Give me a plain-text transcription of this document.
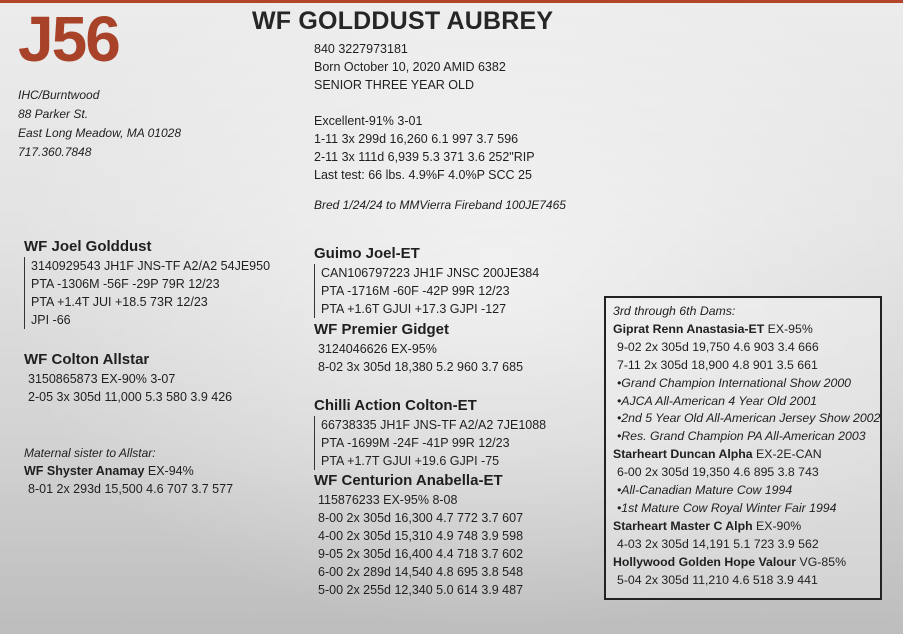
J56	WF GOLDDUST AUBREY
IHC/Burntwood
88 Parker St.
East Long Meadow, MA 01028
717.360.7848
840 3227973181
Born October 10, 2020 AMID 6382
SENIOR THREE YEAR OLD
Excellent-91% 3-01
1-11 3x 299d 16,260 6.1 997 3.7 596
2-11 3x 111d 6,939 5.3 371 3.6 252"RIP
Last test: 66 lbs. 4.9%F 4.0%P SCC 25
Bred 1/24/24 to MMVierra Fireband 100JE7465
WF Joel Golddust
3140929543 JH1F JNS-TF A2/A2 54JE950
PTA -1306M -56F -29P 79R 12/23
PTA +1.4T JUI +18.5 73R 12/23
JPI -66
WF Colton Allstar
3150865873 EX-90% 3-07
2-05 3x 305d 11,000 5.3 580 3.9 426
Maternal sister to Allstar:
WF Shyster Anamay EX-94%
8-01 2x 293d 15,500 4.6 707 3.7 577
Guimo Joel-ET
CAN106797223 JH1F JNSC 200JE384
PTA -1716M -60F -42P 99R 12/23
PTA +1.6T GJUI +17.3 GJPI -127
WF Premier Gidget
3124046626 EX-95%
8-02 3x 305d 18,380 5.2 960 3.7 685
Chilli Action Colton-ET
66738335 JH1F JNS-TF A2/A2 7JE1088
PTA -1699M -24F -41P 99R 12/23
PTA +1.7T GJUI +19.6 GJPI -75
WF Centurion Anabella-ET
115876233 EX-95% 8-08
8-00 2x 305d 16,300 4.7 772 3.7 607
4-00 2x 305d 15,310 4.9 748 3.9 598
9-05 2x 305d 16,400 4.4 718 3.7 602
6-00 2x 289d 14,540 4.8 695 3.8 548
5-00 2x 255d 12,340 5.0 614 3.9 487
3rd through 6th Dams:
Giprat Renn Anastasia-ET EX-95%
9-02 2x 305d 19,750 4.6 903 3.4 666
7-11 2x 305d 18,900 4.8 901 3.5 661
•Grand Champion International Show 2000
•AJCA All-American 4 Year Old 2001
•2nd 5 Year Old All-American Jersey Show 2002
•Res. Grand Champion PA All-American 2003
Starheart Duncan Alpha EX-2E-CAN
6-00 2x 305d 19,350 4.6 895 3.8 743
•All-Canadian Mature Cow 1994
•1st Mature Cow Royal Winter Fair 1994
Starheart Master C Alph EX-90%
4-03 2x 305d 14,191 5.1 723 3.9 562
Hollywood Golden Hope Valour VG-85%
5-04 2x 305d 11,210 4.6 518 3.9 441
